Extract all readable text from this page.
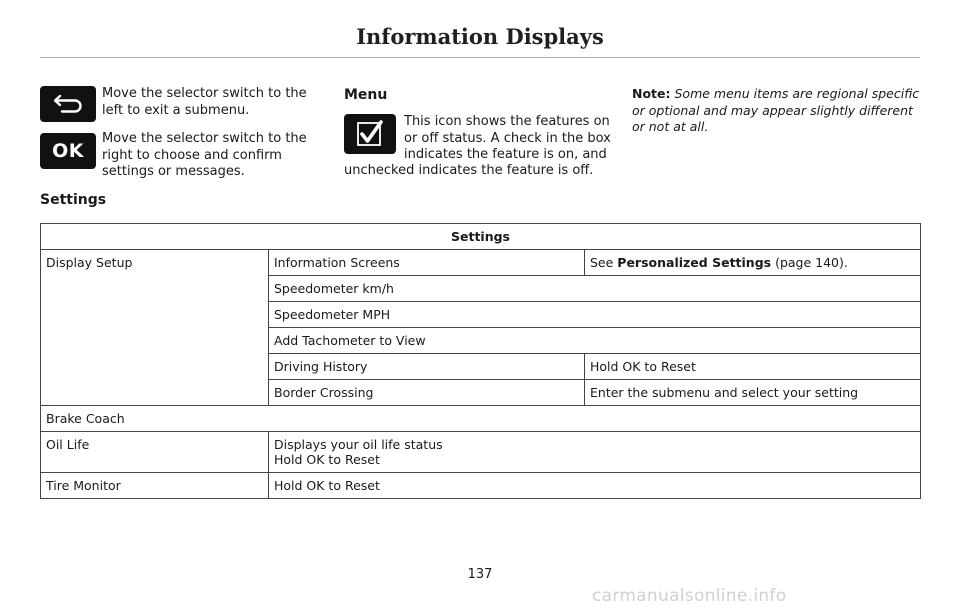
Information Displays
Move the selector switch to the left to exit a submenu.
OK
Move the selector switch to the right to choose and confirm settings or messages.
Menu
This icon shows the features on or off status. A check in the box indicates the feature is on, and
unchecked indicates the feature is off.
Note: Some menu items are regional specific or optional and may appear slightly different or not at all.
Settings
Settings		
Display Setup	Information Screens	See Personalized Settings (page 140).
	Speedometer km/h	
	Speedometer MPH	
	Add Tachometer to View	
	Driving History	Hold OK to Reset
	Border Crossing	Enter the submenu and select your setting
Brake Coach		
Oil Life	Displays your oil life status
Hold OK to Reset	

Tire Monitor	Hold OK to Reset	
137
carmanualsonline.info
